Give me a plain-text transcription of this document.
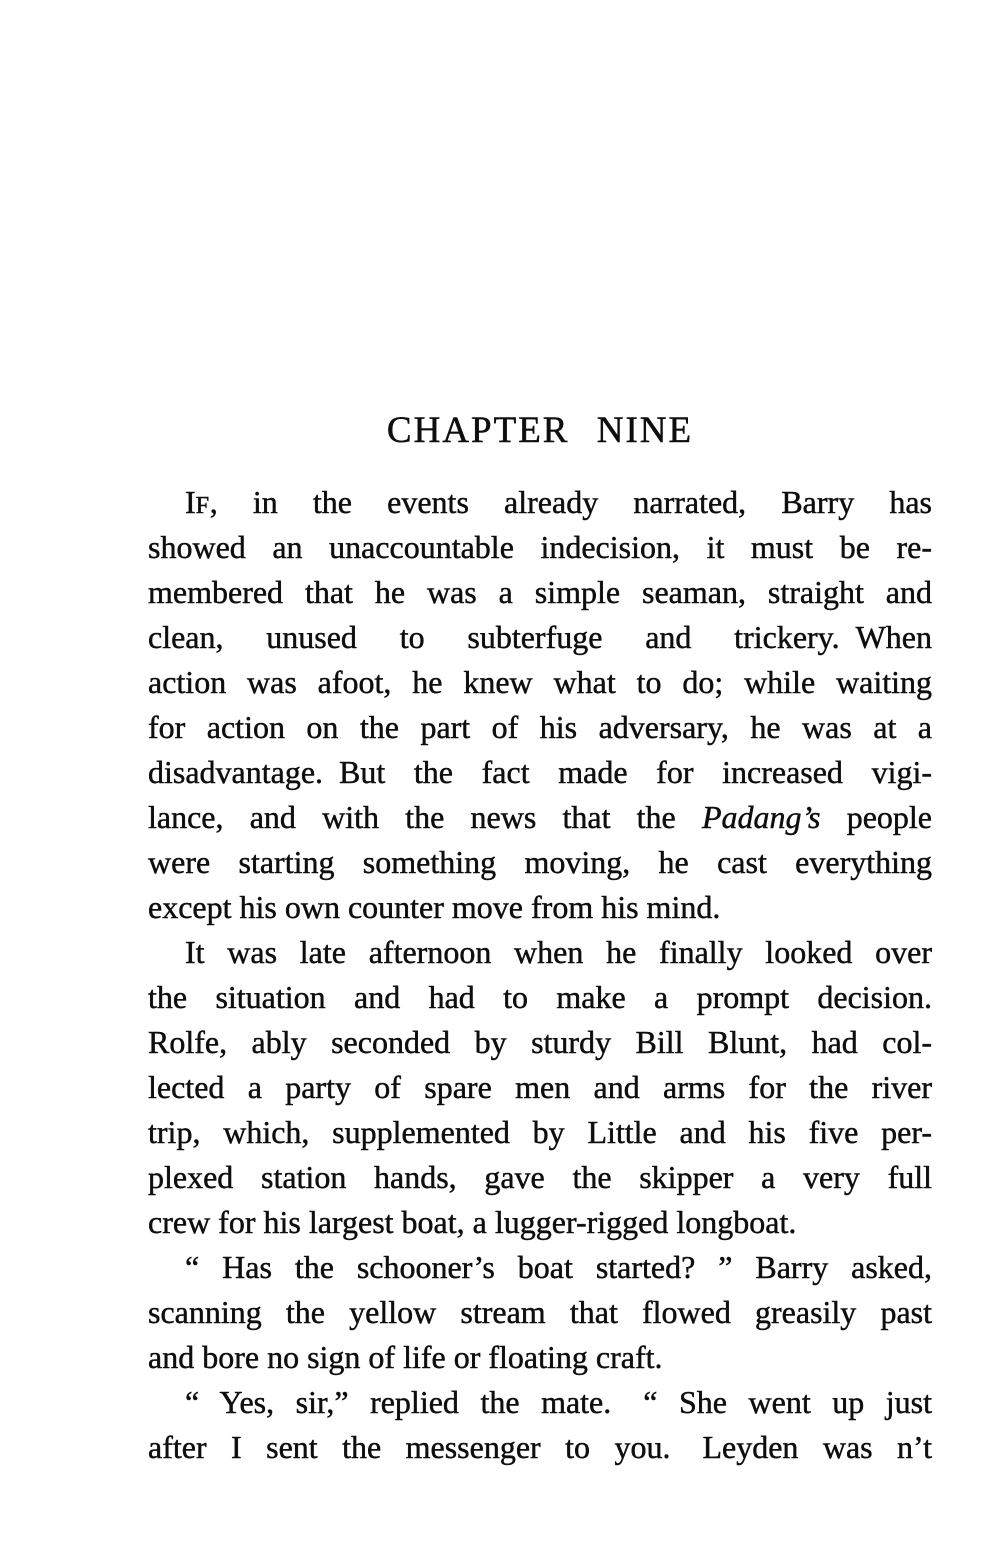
CHAPTER NINE
IF, in the events already narrated, Barry has
showed an unaccountable indecision, it must be re-
membered that he was a simple seaman, straight and
clean, unused to subterfuge and trickery. When
action was afoot, he knew what to do; while waiting
for action on the part of his adversary, he was at a
disadvantage. But the fact made for increased vigi-
lance, and with the news that the Padang’s people
were starting something moving, he cast everything
except his own counter move from his mind.
It was late afternoon when he finally looked over
the situation and had to make a prompt decision.
Rolfe, ably seconded by sturdy Bill Blunt, had col-
lected a party of spare men and arms for the river
trip, which, supplemented by Little and his five per-
plexed station hands, gave the skipper a very full
crew for his largest boat, a lugger-rigged longboat.
“ Has the schooner’s boat started? ” Barry asked,
scanning the yellow stream that flowed greasily past
and bore no sign of life or floating craft.
“ Yes, sir,” replied the mate. “ She went up just
after I sent the messenger to you. Leyden was n’t
